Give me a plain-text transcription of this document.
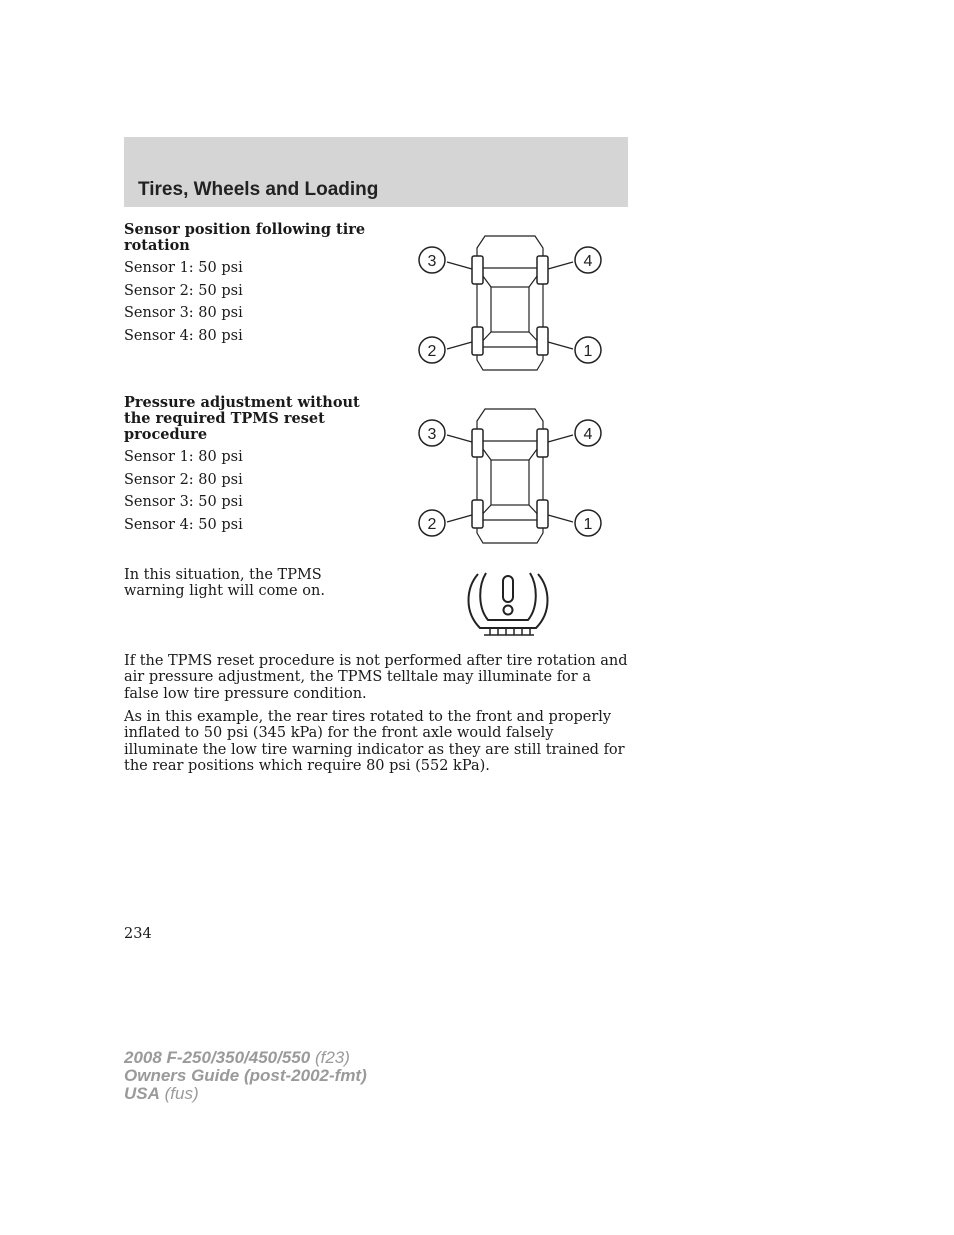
Tires, Wheels and Loading
Sensor position following tire rotation

Sensor 1: 50 psi

Sensor 2: 50 psi

Sensor 3: 80 psi

Sensor 4: 80 psi

3	4
2	1
Pressure adjustment without the required TPMS reset procedure

Sensor 1: 80 psi

Sensor 2: 80 psi

Sensor 3: 50 psi

Sensor 4: 50 psi

3	4
2	1

In this situation, the TPMS warning light will come on.

If the TPMS reset procedure is not performed after tire rotation and air pressure adjustment, the TPMS telltale may illuminate for a false low tire pressure condition.

As in this example, the rear tires rotated to the front and properly inflated to 50 psi (345 kPa) for the front axle would falsely illuminate the low tire warning indicator as they are still trained for the rear positions which require 80 psi (552 kPa).

234

2008 F-250/350/450/550 (f23)
Owners Guide (post-2002-fmt)
USA (fus)
